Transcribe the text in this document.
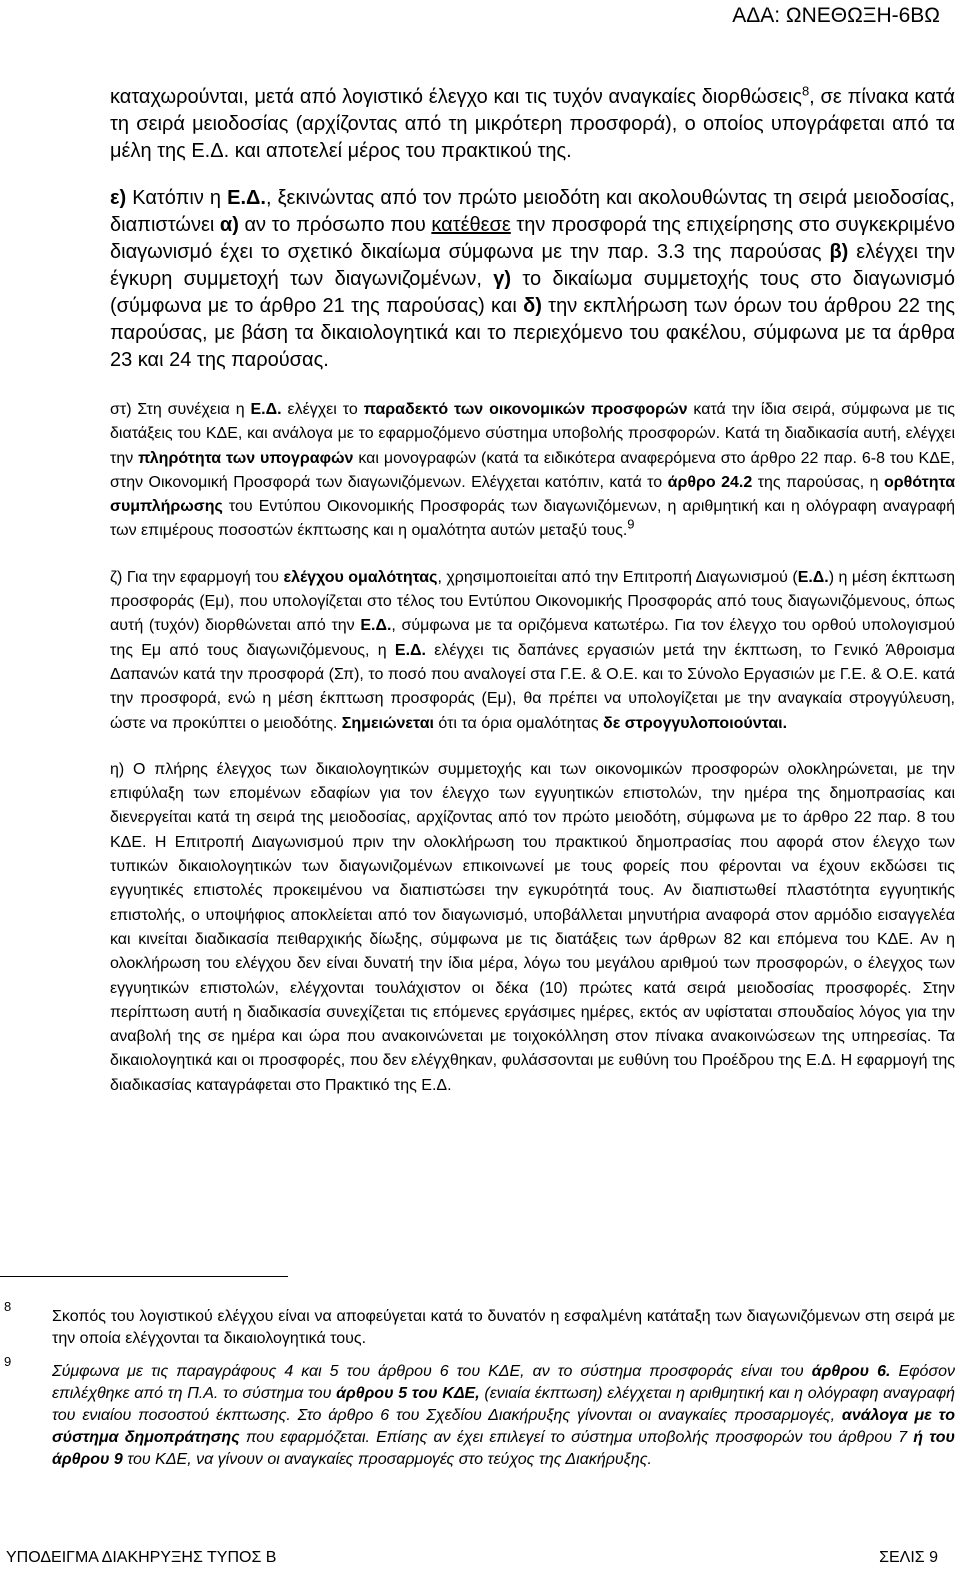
ΑΔΑ: ΩΝΕΘΩΞΗ-6ΒΩ

καταχωρούνται, μετά από λογιστικό έλεγχο και τις τυχόν αναγκαίες διορθώσεις$^8$, σε πίνακα κατά τη σειρά μειοδοσίας (αρχίζοντας από τη μικρότερη προσφορά), ο οποίος υπογράφεται από τα μέλη της Ε.Δ. και αποτελεί μέρος του πρακτικού της.

ε) Κατόπιν η Ε.Δ., ξεκινώντας από τον πρώτο μειοδότη και ακολουθώντας τη σειρά μειοδοσίας, διαπιστώνει α) αν το πρόσωπο που κατέθεσε την προσφορά της επιχείρησης στο συγκεκριμένο διαγωνισμό έχει το σχετικό δικαίωμα σύμφωνα με την παρ. 3.3 της παρούσας β) ελέγχει την έγκυρη συμμετοχή των διαγωνιζομένων, γ) το δικαίωμα συμμετοχής τους στο διαγωνισμό (σύμφωνα με το άρθρο 21 της παρούσας) και δ) την εκπλήρωση των όρων του άρθρου 22 της παρούσας, με βάση τα δικαιολογητικά και το περιεχόμενο του φακέλου, σύμφωνα με τα άρθρα 23 και 24 της παρούσας.

στ) Στη συνέχεια η Ε.Δ. ελέγχει το παραδεκτό των οικονομικών προσφορών κατά την ίδια σειρά, σύμφωνα με τις διατάξεις του ΚΔΕ, και ανάλογα με το εφαρμοζόμενο σύστημα υποβολής προσφορών. Κατά τη διαδικασία αυτή, ελέγχει την πληρότητα των υπογραφών και μονογραφών (κατά τα ειδικότερα αναφερόμενα στο άρθρο 22 παρ. 6-8 του ΚΔΕ, στην Οικονομική Προσφορά των διαγωνιζόμενων. Ελέγχεται κατόπιν, κατά το άρθρο 24.2 της παρούσας, η ορθότητα συμπλήρωσης του Εντύπου Οικονομικής Προσφοράς των διαγωνιζόμενων, η αριθμητική και η ολόγραφη αναγραφή των επιμέρους ποσοστών έκπτωσης και η ομαλότητα αυτών μεταξύ τους.$^9$

ζ) Για την εφαρμογή του ελέγχου ομαλότητας, χρησιμοποιείται από την Επιτροπή Διαγωνισμού (Ε.Δ.) η μέση έκπτωση προσφοράς (Εμ), που υπολογίζεται στο τέλος του Εντύπου Οικονομικής Προσφοράς από τους διαγωνιζόμενους, όπως αυτή (τυχόν) διορθώνεται από την Ε.Δ., σύμφωνα με τα οριζόμενα κατωτέρω. Για τον έλεγχο του ορθού υπολογισμού της Εμ από τους διαγωνιζόμενους, η Ε.Δ. ελέγχει τις δαπάνες εργασιών μετά την έκπτωση, το Γενικό Άθροισμα Δαπανών κατά την προσφορά (Σπ), το ποσό που αναλογεί στα Γ.Ε. & Ο.Ε. και το Σύνολο Εργασιών με Γ.Ε. & Ο.Ε. κατά την προσφορά, ενώ η μέση έκπτωση προσφοράς (Εμ), θα πρέπει να υπολογίζεται με την αναγκαία στρογγύλευση, ώστε να προκύπτει ο μειοδότης. Σημειώνεται ότι τα όρια ομαλότητας δε στρογγυλοποιούνται.

η) Ο πλήρης έλεγχος των δικαιολογητικών συμμετοχής και των οικονομικών προσφορών ολοκληρώνεται, με την επιφύλαξη των επομένων εδαφίων για τον έλεγχο των εγγυητικών επιστολών, την ημέρα της δημοπρασίας και διενεργείται κατά τη σειρά της μειοδοσίας, αρχίζοντας από τον πρώτο μειοδότη, σύμφωνα με το άρθρο 22 παρ. 8 του ΚΔΕ. Η Επιτροπή Διαγωνισμού πριν την ολοκλήρωση του πρακτικού δημοπρασίας που αφορά στον έλεγχο των τυπικών δικαιολογητικών των διαγωνιζομένων επικοινωνεί με τους φορείς που φέρονται να έχουν εκδώσει τις εγγυητικές επιστολές προκειμένου να διαπιστώσει την εγκυρότητά τους. Αν διαπιστωθεί πλαστότητα εγγυητικής επιστολής, ο υποψήφιος αποκλείεται από τον διαγωνισμό, υποβάλλεται μηνυτήρια αναφορά στον αρμόδιο εισαγγελέα και κινείται διαδικασία πειθαρχικής δίωξης, σύμφωνα με τις διατάξεις των άρθρων 82 και επόμενα του ΚΔΕ. Αν η ολοκλήρωση του ελέγχου δεν είναι δυνατή την ίδια μέρα, λόγω του μεγάλου αριθμού των προσφορών, ο έλεγχος των εγγυητικών επιστολών, ελέγχονται τουλάχιστον οι δέκα (10) πρώτες κατά σειρά μειοδοσίας προσφορές. Στην περίπτωση αυτή η διαδικασία συνεχίζεται τις επόμενες εργάσιμες ημέρες, εκτός αν υφίσταται σπουδαίος λόγος για την αναβολή της σε ημέρα και ώρα που ανακοινώνεται με τοιχοκόλληση στον πίνακα ανακοινώσεων της υπηρεσίας. Τα δικαιολογητικά και οι προσφορές, που δεν ελέγχθηκαν, φυλάσσονται με ευθύνη του Προέδρου της Ε.Δ. Η εφαρμογή της διαδικασίας καταγράφεται στο Πρακτικό της Ε.Δ.

8
Σκοπός του λογιστικού ελέγχου είναι να αποφεύγεται κατά το δυνατόν η εσφαλμένη κατάταξη των διαγωνιζόμενων στη σειρά με την οποία ελέγχονται τα δικαιολογητικά τους.
9
Σύμφωνα με τις παραγράφους 4 και 5 του άρθρου 6 του ΚΔΕ, αν το σύστημα προσφοράς είναι του άρθρου 6. Εφόσον επιλέχθηκε από τη Π.Α. το σύστημα του άρθρου 5 του ΚΔΕ, (ενιαία έκπτωση) ελέγχεται η αριθμητική και η ολόγραφη αναγραφή του ενιαίου ποσοστού έκπτωσης. Στο άρθρο 6 του Σχεδίου Διακήρυξης γίνονται οι αναγκαίες προσαρμογές, ανάλογα με το σύστημα δημοπράτησης που εφαρμόζεται. Επίσης αν έχει επιλεγεί το σύστημα υποβολής προσφορών του άρθρου 7 ή του άρθρου 9 του ΚΔΕ, να γίνουν οι αναγκαίες προσαρμογές στο τεύχος της Διακήρυξης.
ΥΠΟΔΕΙΓΜΑ ΔΙΑΚΗΡΥΞΗΣ ΤΥΠΟΣ Β	ΣΕΛΙΣ 9
